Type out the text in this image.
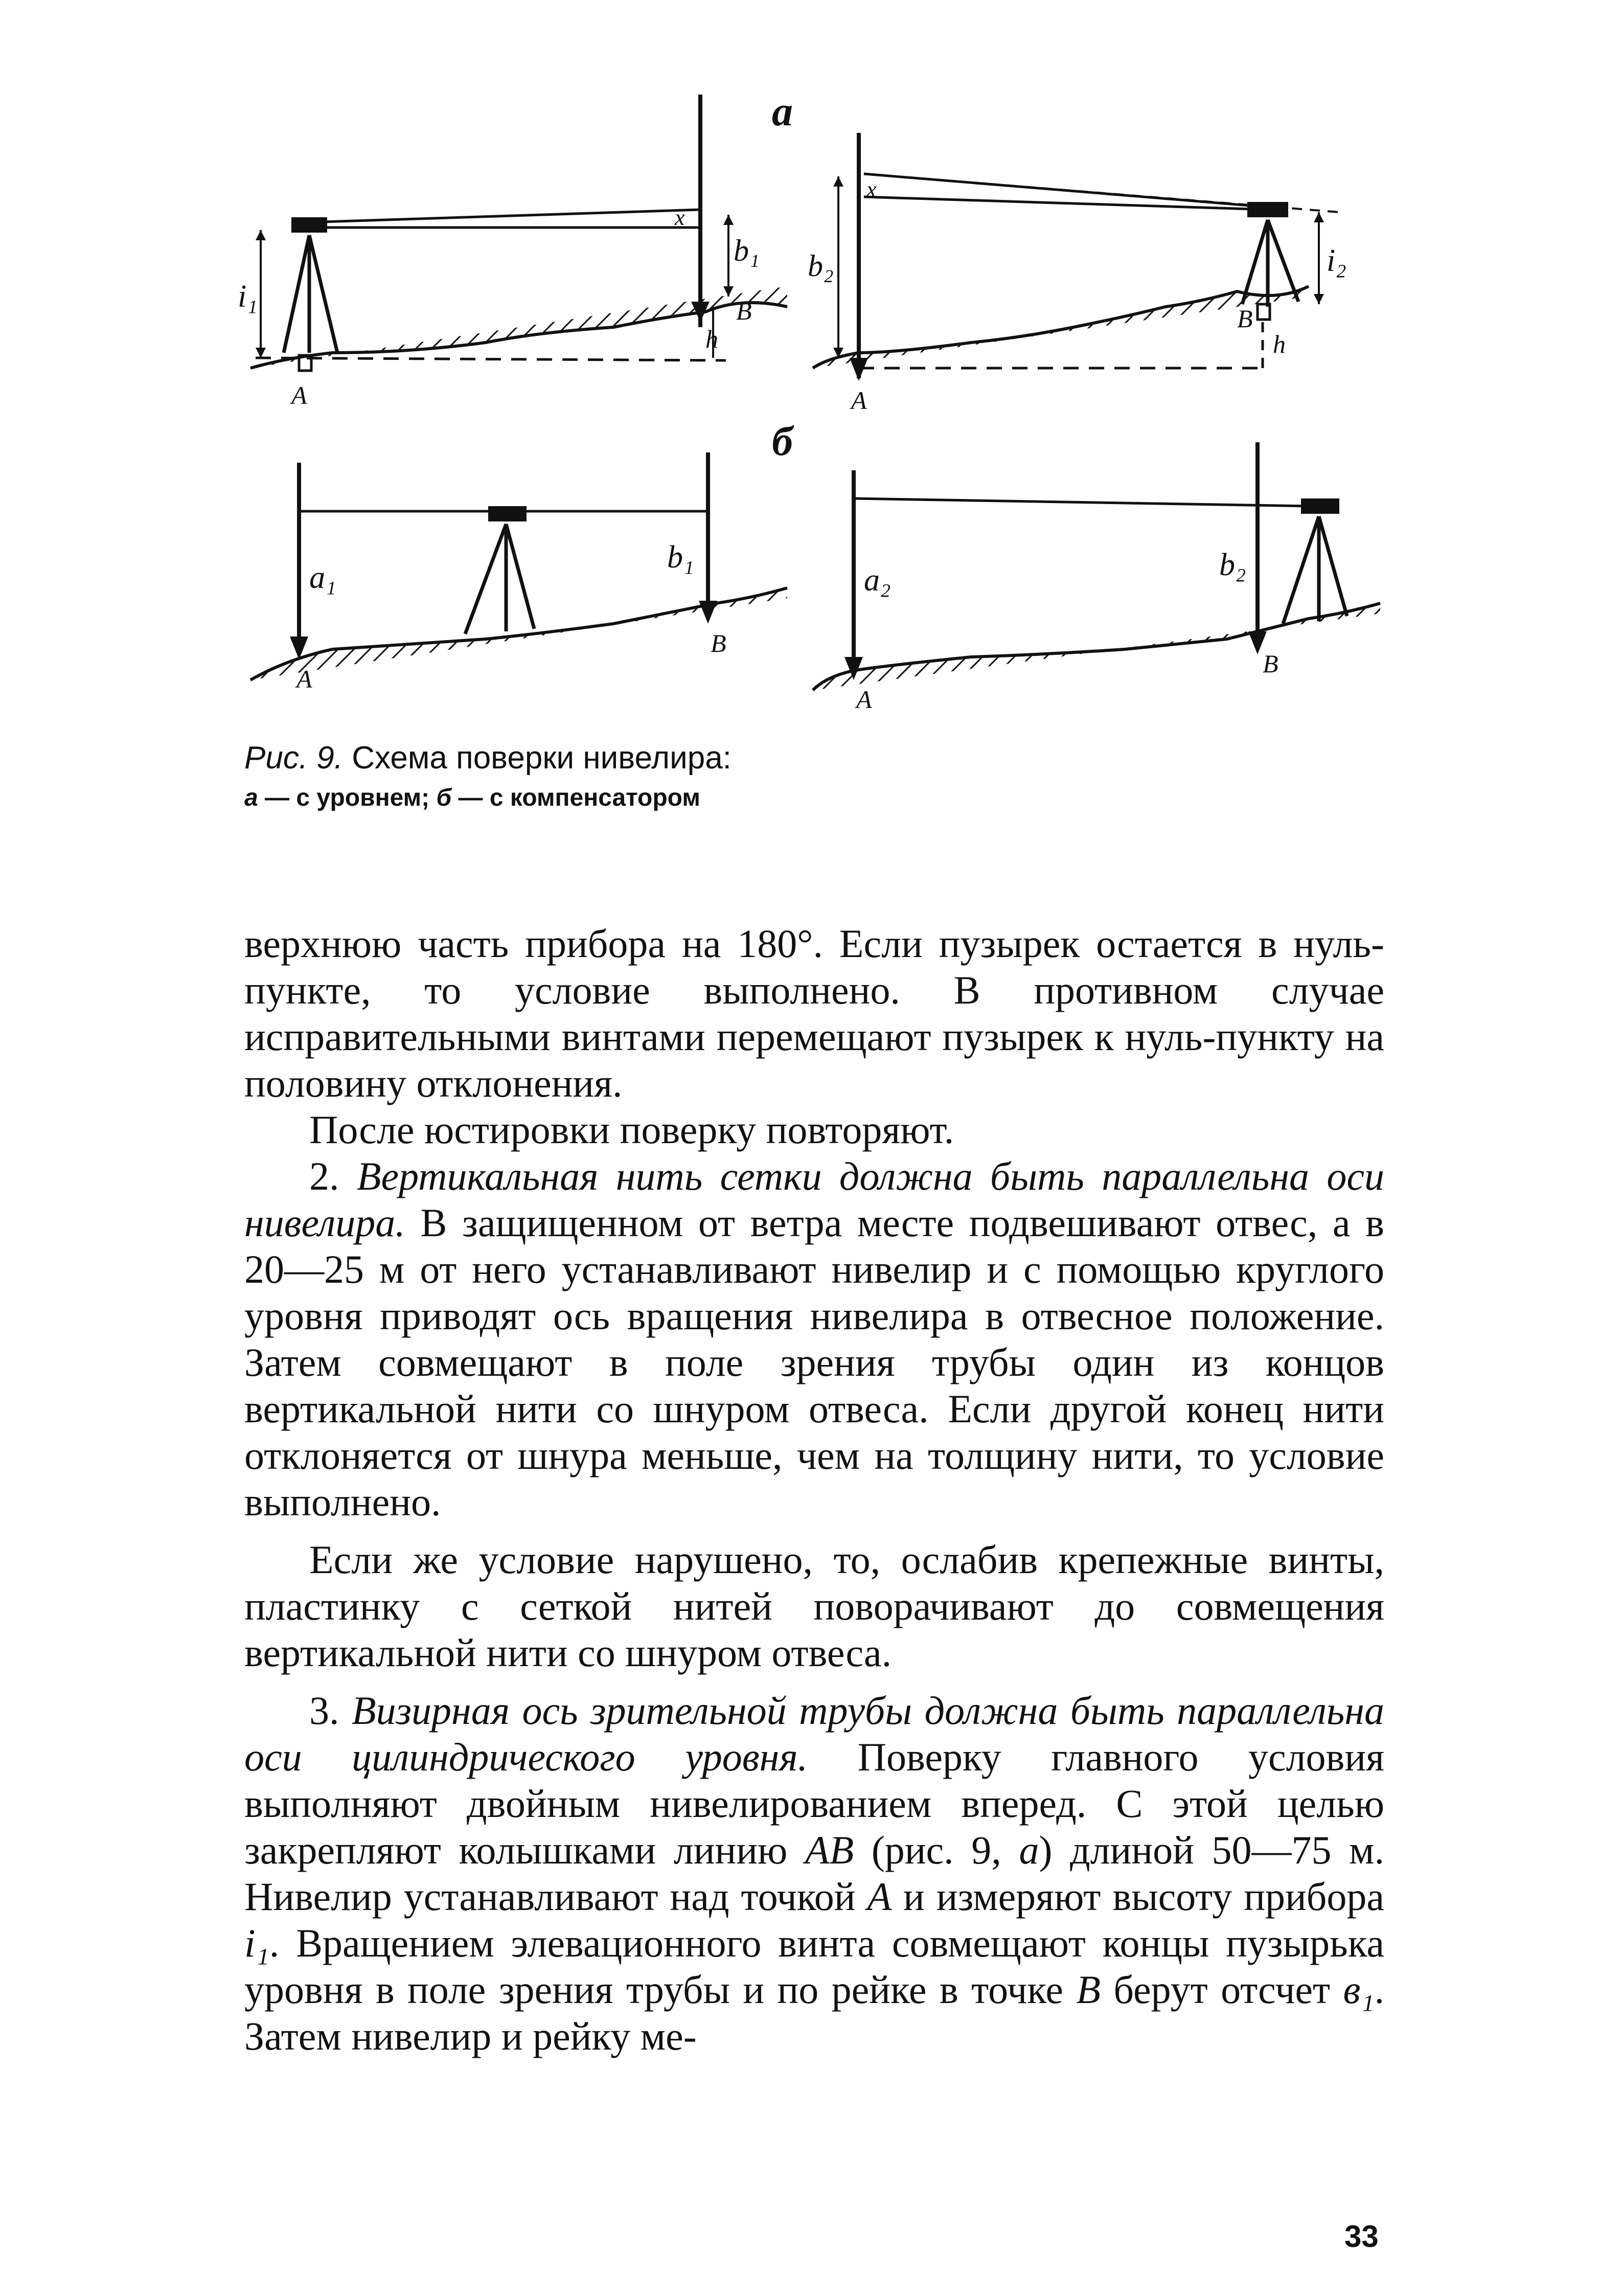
а
б
i₁
b₁
x
A
B
h
b₂	i₂
x
A
B
h
a₁
b₁
A
B
a₂	b₂
A
B
Рис. 9. Схема поверки нивелира:
а — с уровнем; б — с компенсатором

верхнюю часть прибора на 180°. Если пузырек остается в нуль-пункте, то условие выполнено. В противном случае исправительными винтами перемещают пузырек к нуль-пункту на половину отклонения.

После юстировки поверку повторяют.

2. Вертикальная нить сетки должна быть параллельна оси нивелира. В защищенном от ветра месте подвешивают отвес, а в 20—25 м от него устанавливают нивелир и с помощью круглого уровня приводят ось вращения нивелира в отвесное положение. Затем совмещают в поле зрения трубы один из концов вертикальной нити со шнуром отвеса. Если другой конец нити отклоняется от шнура меньше, чем на толщину нити, то условие выполнено.

Если же условие нарушено, то, ослабив крепежные винты, пластинку с сеткой нитей поворачивают до совмещения вертикальной нити со шнуром отвеса.

3. Визирная ось зрительной трубы должна быть параллельна оси цилиндрического уровня. Поверку главного условия выполняют двойным нивелированием вперед. С этой целью закрепляют колышками линию АВ (рис. 9, а) длиной 50—75 м. Нивелир устанавливают над точкой А и измеряют высоту прибора i₁. Вращением элевационного винта совмещают концы пузырька уровня в поле зрения трубы и по рейке в точке В берут отсчет в₁. Затем нивелир и рейку ме-

33
